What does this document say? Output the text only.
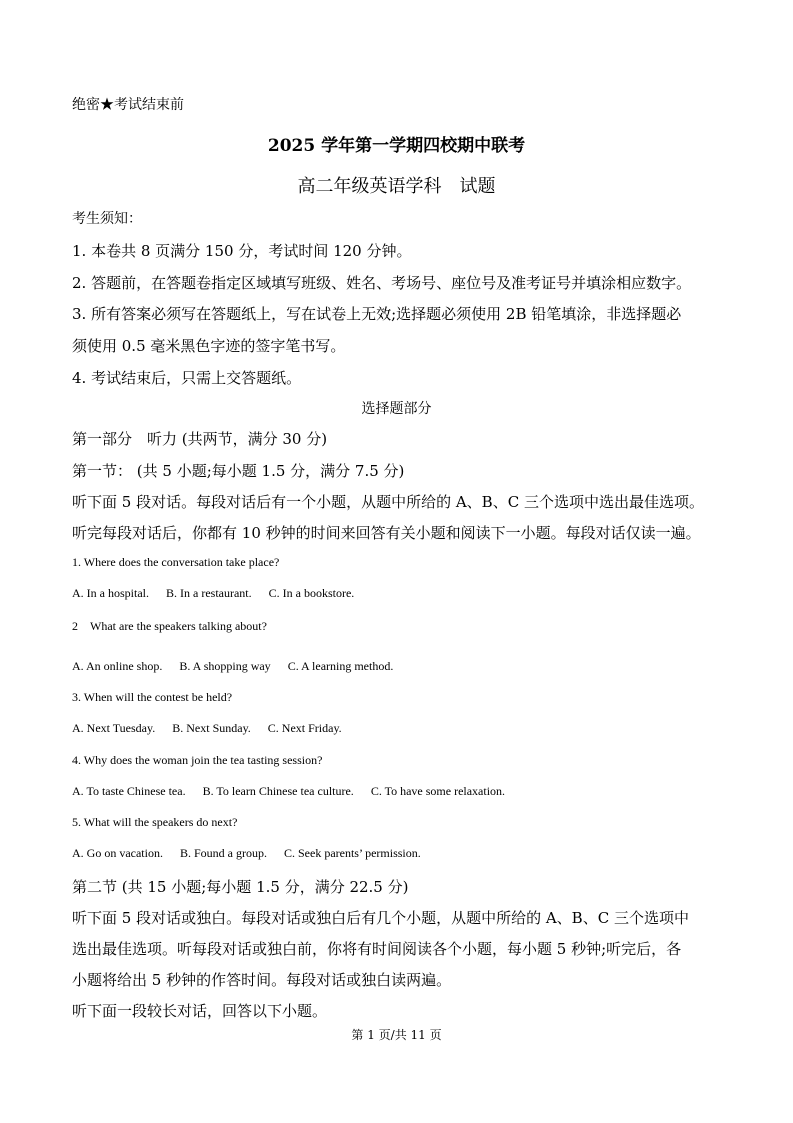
绝密★考试结束前
2025 学年第一学期四校期中联考
高二年级英语学科　试题
考生须知：
1. 本卷共 8 页满分 150 分，考试时间 120 分钟。
2. 答题前，在答题卷指定区域填写班级、姓名、考场号、座位号及准考证号并填涂相应数字。
3. 所有答案必须写在答题纸上，写在试卷上无效;选择题必须使用 2B 铅笔填涂，非选择题必
须使用 0.5 毫米黑色字迹的签字笔书写。
4. 考试结束后，只需上交答题纸。
选择题部分
第一部分　听力 (共两节，满分 30 分)
第一节： (共 5 小题;每小题 1.5 分，满分 7.5 分)
听下面 5 段对话。每段对话后有一个小题，从题中所给的 A、B、C 三个选项中选出最佳选项。
听完每段对话后，你都有 10 秒钟的时间来回答有关小题和阅读下一小题。每段对话仅读一遍。
1. Where does the conversation take place?
A. In a hospital. B. In a restaurant. C. In a bookstore.
2　What are the speakers talking about?
A. An online shop. B. A shopping way C. A learning method.
3. When will the contest be held?
A. Next Tuesday. B. Next Sunday. C. Next Friday.
4. Why does the woman join the tea tasting session?
A. To taste Chinese tea. B. To learn Chinese tea culture. C. To have some relaxation.
5. What will the speakers do next?
A. Go on vacation. B. Found a group. C. Seek parents’ permission.
第二节 (共 15 小题;每小题 1.5 分，满分 22.5 分)
听下面 5 段对话或独白。每段对话或独白后有几个小题，从题中所给的 A、B、C 三个选项中
选出最佳选项。听每段对话或独白前，你将有时间阅读各个小题，每小题 5 秒钟;听完后，各
小题将给出 5 秒钟的作答时间。每段对话或独白读两遍。
听下面一段较长对话，回答以下小题。
第 1 页/共 11 页
